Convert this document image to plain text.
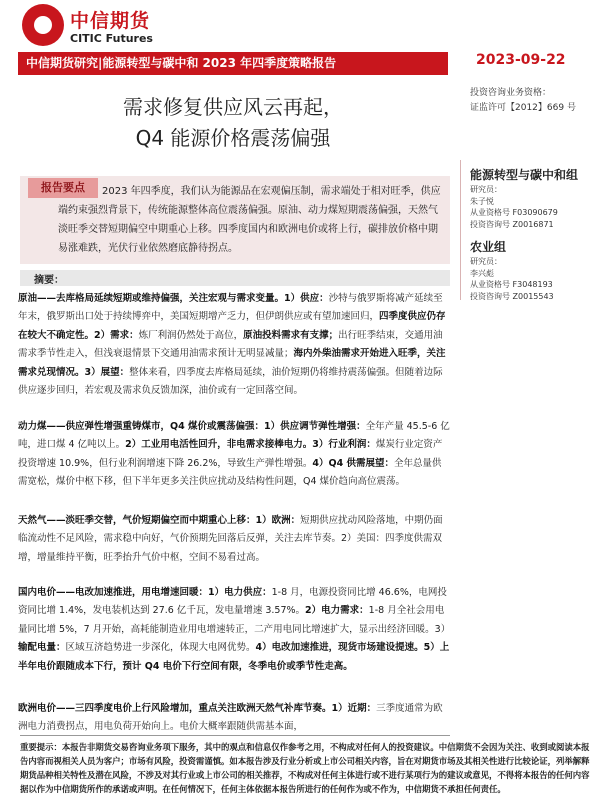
中信期货
CITIC Futures
2023-09-22
中信期货研究|能源转型与碳中和 2023 年四季度策略报告
投资咨询业务资格：
证监许可【2012】669 号
需求修复供应风云再起，
Q4 能源价格震荡偏强
能源转型与碳中和组
研究员：
朱子悦
从业资格号 F03090679
投资咨询号 Z0016871
农业组
研究员：
李兴彪
从业资格号 F3048193
投资咨询号 Z0015543
报告要点	2023 年四季度，我们认为能源品在宏观偏压制，需求端处于相对旺季，供应端约束强烈背景下，传统能源整体高位震荡偏强。原油、动力煤短期震荡偏强，天然气淡旺季交替短期偏空中期重心上移。四季度国内和欧洲电价或将上行，碳排放价格中期易涨难跌，光伏行业依然磨底静待拐点。
摘要：
原油——去库格局延续短期或维持偏强，关注宏观与需求变量。1）供应：沙特与俄罗斯将减产延续至年末，俄罗斯出口处于持续博弈中，美国短期增产乏力，但伊朗供应或有望加速回归，四季度供应仍存在较大不确定性。2）需求：炼厂利润仍然处于高位，原油投料需求有支撑；出行旺季结束，交通用油需求季节性走入，但浅衰退情景下交通用油需求预计无明显减量；海内外柴油需求开始进入旺季，关注需求兑现情况。3）展望：整体来看，四季度去库格局延续，油价短期仍将维持震荡偏强。但随着边际供应逐步回归，若宏观及需求负反馈加深，油价或有一定回落空间。
动力煤——供应弹性增强重铸煤市，Q4 煤价或震荡偏强：1）供应调节弹性增强：全年产量 45.5-6 亿吨，进口煤 4 亿吨以上。2）工业用电活性回升，非电需求接棒电力。3）行业利润：煤炭行业定资产投资增速 10.9%，但行业利润增速下降 26.2%，导致生产弹性增强。4）Q4 供需展望：全年总量供需宽松，煤价中枢下移，但下半年更多关注供应扰动及结构性问题，Q4 煤价趋向高位震荡。
天然气——淡旺季交替，气价短期偏空而中期重心上移：1）欧洲：短期供应扰动风险落地，中期仍面临流动性不足风险，需求稳中向好，气价预期先回落后反弹，关注去库节奏。2）美国：四季度供需双增，增量维持平衡，旺季抬升气价中枢，空间不易看过高。
国内电价——电改加速推进，用电增速回暖：1）电力供应：1-8 月，电源投资同比增 46.6%，电网投资同比增 1.4%，发电装机达到 27.6 亿千瓦，发电量增速 3.57%。2）电力需求：1-8 月全社会用电量同比增 5%，7 月开始，高耗能制造业用电增速转正，二产用电同比增速扩大，显示出经济回暖。3）输配电量：区域互济趋势进一步深化，体现大电网优势。4）电改加速推进，现货市场建设提速。5）上半年电价跟随成本下行，预计 Q4 电价下行空间有限，冬季电价或季节性走高。
欧洲电价——三四季度电价上行风险增加，重点关注欧洲天然气补库节奏。1）近期：三季度通常为欧洲电力消费拐点，用电负荷开始向上。电价大概率跟随供需基本面，
重要提示：本报告非期货交易咨询业务项下服务，其中的观点和信息仅作参考之用，不构成对任何人的投资建议。中信期货不会因为关注、收到或阅读本报告内容而视相关人员为客户；市场有风险，投资需谨慎。如本报告涉及行业分析或上市公司相关内容，旨在对期货市场及其相关性进行比较论证，列举解释期货品种相关特性及潜在风险，不涉及对其行业或上市公司的相关推荐，不构成对任何主体进行或不进行某项行为的建议或意见，不得将本报告的任何内容据以作为中信期货所作的承诺或声明。在任何情况下，任何主体依据本报告所进行的任何作为或不作为，中信期货不承担任何责任。
